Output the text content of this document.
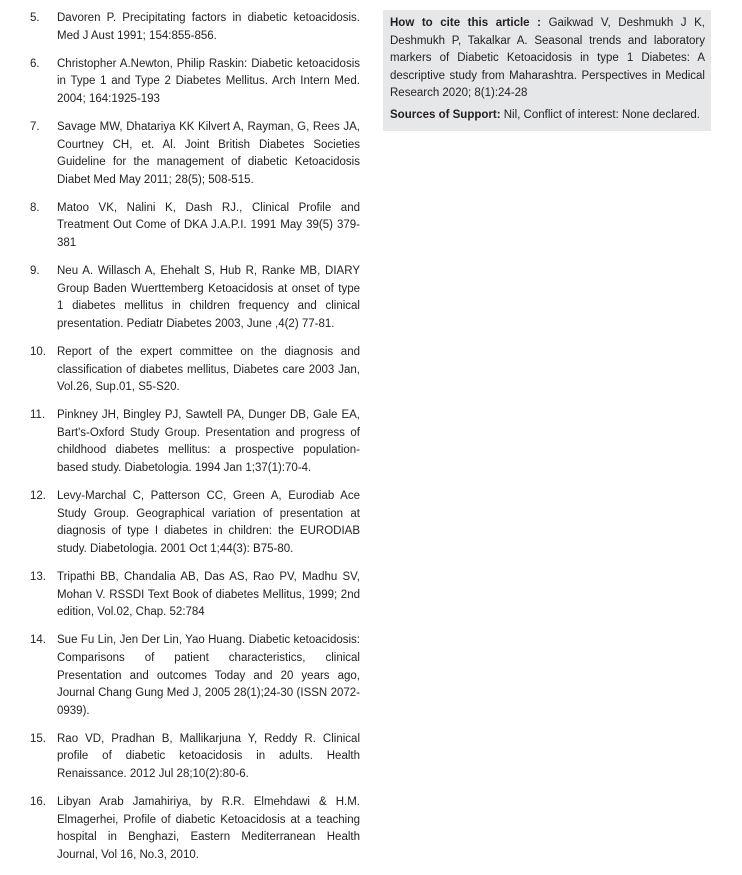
5.	Davoren P. Precipitating factors in diabetic ketoacidosis. Med J Aust 1991; 154:855-856.
6.	Christopher A.Newton, Philip Raskin: Diabetic ketoacidosis in Type 1 and Type 2 Diabetes Mellitus. Arch Intern Med. 2004; 164:1925-193
7.	Savage MW, Dhatariya KK Kilvert A, Rayman, G, Rees JA, Courtney CH, et. Al. Joint British Diabetes Societies Guideline for the management of diabetic Ketoacidosis Diabet Med May 2011; 28(5); 508-515.
8.	Matoo VK, Nalini K, Dash RJ., Clinical Profile and Treatment Out Come of DKA J.A.P.I. 1991 May 39(5) 379-381
9.	Neu A. Willasch A, Ehehalt S, Hub R, Ranke MB, DIARY Group Baden Wuerttemberg Ketoacidosis at onset of type 1 diabetes mellitus in children frequency and clinical presentation. Pediatr Diabetes 2003, June ,4(2) 77-81.
10. Report of the expert committee on the diagnosis and classification of diabetes mellitus, Diabetes care 2003 Jan, Vol.26, Sup.01, S5-S20.
11.	Pinkney JH, Bingley PJ, Sawtell PA, Dunger DB, Gale EA, Bart's-Oxford Study Group. Presentation and progress of childhood diabetes mellitus: a prospective population-based study. Diabetologia. 1994 Jan 1;37(1):70-4.
12. Levy-Marchal C, Patterson CC, Green A, Eurodiab Ace Study Group. Geographical variation of presentation at diagnosis of type I diabetes in children: the EURODIAB study. Diabetologia. 2001 Oct 1;44(3): B75-80.
13. Tripathi BB, Chandalia AB, Das AS, Rao PV, Madhu SV, Mohan V. RSSDI Text Book of diabetes Mellitus, 1999; 2nd edition, Vol.02, Chap. 52:784
14. Sue Fu Lin, Jen Der Lin, Yao Huang. Diabetic ketoacidosis: Comparisons of patient characteristics, clinical Presentation and outcomes Today and 20 years ago, Journal Chang Gung Med J, 2005 28(1);24-30 (ISSN 2072-0939).
15. Rao VD, Pradhan B, Mallikarjuna Y, Reddy R. Clinical profile of diabetic ketoacidosis in adults. Health Renaissance. 2012 Jul 28;10(2):80-6.
16. Libyan Arab Jamahiriya, by R.R. Elmehdawi & H.M. Elmagerhei, Profile of diabetic Ketoacidosis at a teaching hospital in Benghazi, Eastern Mediterranean Health Journal, Vol 16, No.3, 2010.

How to cite this article : Gaikwad V, Deshmukh J K, Deshmukh P, Takalkar A. Seasonal trends and laboratory markers of Diabetic Ketoacidosis in type 1 Diabetes: A descriptive study from Maharashtra. Perspectives in Medical Research 2020; 8(1):24-28

Sources of Support: Nil, Conflict of interest: None declared.
